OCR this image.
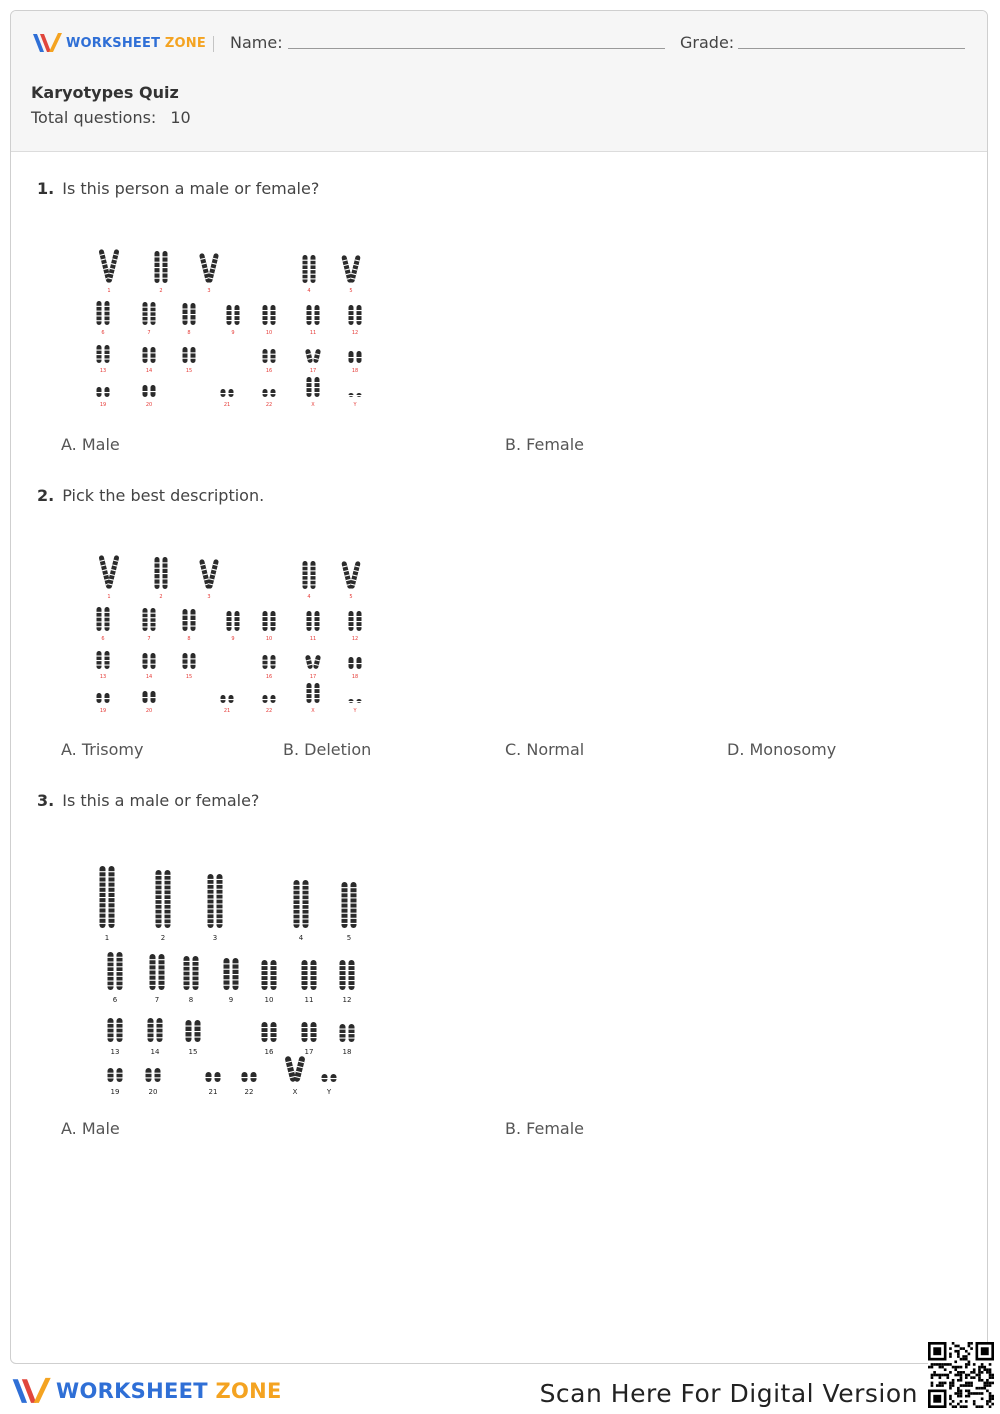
WORKSHEET ZONE Name:	Grade:
Karyotypes Quiz
Total questions: 10
1. Is this person a male or female?
1	2	3	4	5
6	7	8	9	10	11	12
13	14	15	16	17	18
19	20	21	22	X	Y
A. Male	B. Female
2. Pick the best description.
1	2	3	4	5
6	7	8	9	10	11	12
13	14	15	16	17	18
19	20	21	22	X	Y
A. Trisomy	B. Deletion	C. Normal	D. Monosomy
3. Is this a male or female?
1	2	3	4	5
6	7	8	9	10	11	12
13	14	15	16	17	18
19	20	21	22	X	Y
A. Male	B. Female
WORKSHEET ZONE	Scan Here For Digital Version
